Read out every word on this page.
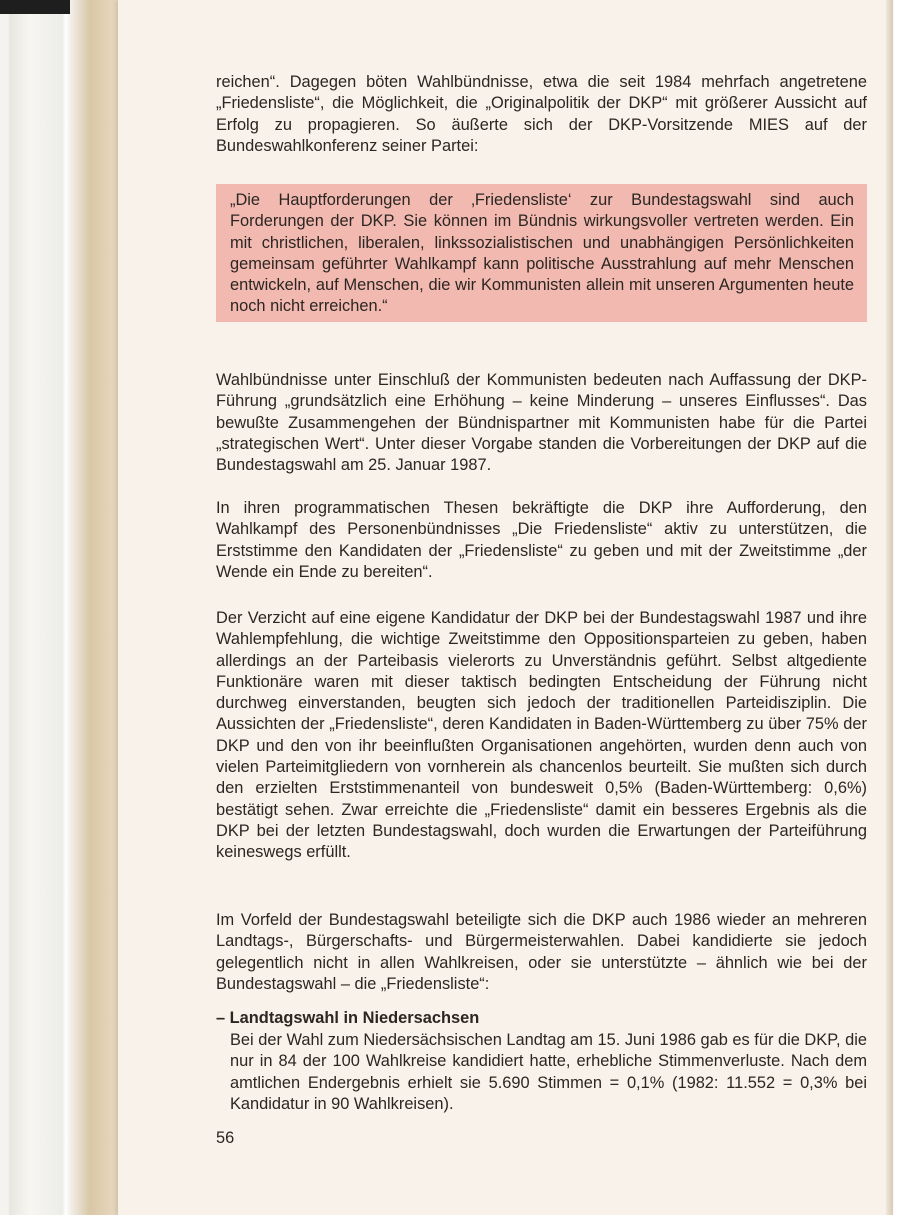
reichen“. Dagegen böten Wahlbündnisse, etwa die seit 1984 mehrfach angetretene „Friedensliste“, die Möglichkeit, die „Originalpolitik der DKP“ mit größerer Aussicht auf Erfolg zu propagieren. So äußerte sich der DKP-Vorsitzende MIES auf der Bundeswahlkonferenz seiner Partei:

„Die Hauptforderungen der ‚Friedensliste‘ zur Bundestagswahl sind auch Forderungen der DKP. Sie können im Bündnis wirkungsvoller vertreten werden. Ein mit christlichen, liberalen, linkssozialistischen und unabhängigen Persönlichkeiten gemeinsam geführter Wahlkampf kann politische Ausstrahlung auf mehr Menschen entwickeln, auf Menschen, die wir Kommunisten allein mit unseren Argumenten heute noch nicht erreichen.“

Wahlbündnisse unter Einschluß der Kommunisten bedeuten nach Auffassung der DKP-Führung „grundsätzlich eine Erhöhung – keine Minderung – unseres Einflusses“. Das bewußte Zusammengehen der Bündnispartner mit Kommunisten habe für die Partei „strategischen Wert“. Unter dieser Vorgabe standen die Vorbereitungen der DKP auf die Bundestagswahl am 25. Januar 1987.

In ihren programmatischen Thesen bekräftigte die DKP ihre Aufforderung, den Wahlkampf des Personenbündnisses „Die Friedensliste“ aktiv zu unterstützen, die Erststimme den Kandidaten der „Friedensliste“ zu geben und mit der Zweitstimme „der Wende ein Ende zu bereiten“.

Der Verzicht auf eine eigene Kandidatur der DKP bei der Bundestagswahl 1987 und ihre Wahlempfehlung, die wichtige Zweitstimme den Oppositionsparteien zu geben, haben allerdings an der Parteibasis vielerorts zu Unverständnis geführt. Selbst altgediente Funktionäre waren mit dieser taktisch bedingten Entscheidung der Führung nicht durchweg einverstanden, beugten sich jedoch der traditionellen Parteidisziplin. Die Aussichten der „Friedensliste“, deren Kandidaten in Baden-Württemberg zu über 75% der DKP und den von ihr beeinflußten Organisationen angehörten, wurden denn auch von vielen Parteimitgliedern von vornherein als chancenlos beurteilt. Sie mußten sich durch den erzielten Erststimmenanteil von bundesweit 0,5% (Baden-Württemberg: 0,6%) bestätigt sehen. Zwar erreichte die „Friedensliste“ damit ein besseres Ergebnis als die DKP bei der letzten Bundestagswahl, doch wurden die Erwartungen der Parteiführung keineswegs erfüllt.

Im Vorfeld der Bundestagswahl beteiligte sich die DKP auch 1986 wieder an mehreren Landtags-, Bürgerschafts- und Bürgermeisterwahlen. Dabei kandidierte sie jedoch gelegentlich nicht in allen Wahlkreisen, oder sie unterstützte – ähnlich wie bei der Bundestagswahl – die „Friedensliste“:

– Landtagswahl in Niedersachsen

Bei der Wahl zum Niedersächsischen Landtag am 15. Juni 1986 gab es für die DKP, die nur in 84 der 100 Wahlkreise kandidiert hatte, erhebliche Stimmenverluste. Nach dem amtlichen Endergebnis erhielt sie 5.690 Stimmen = 0,1% (1982: 11.552 = 0,3% bei Kandidatur in 90 Wahlkreisen).

56
